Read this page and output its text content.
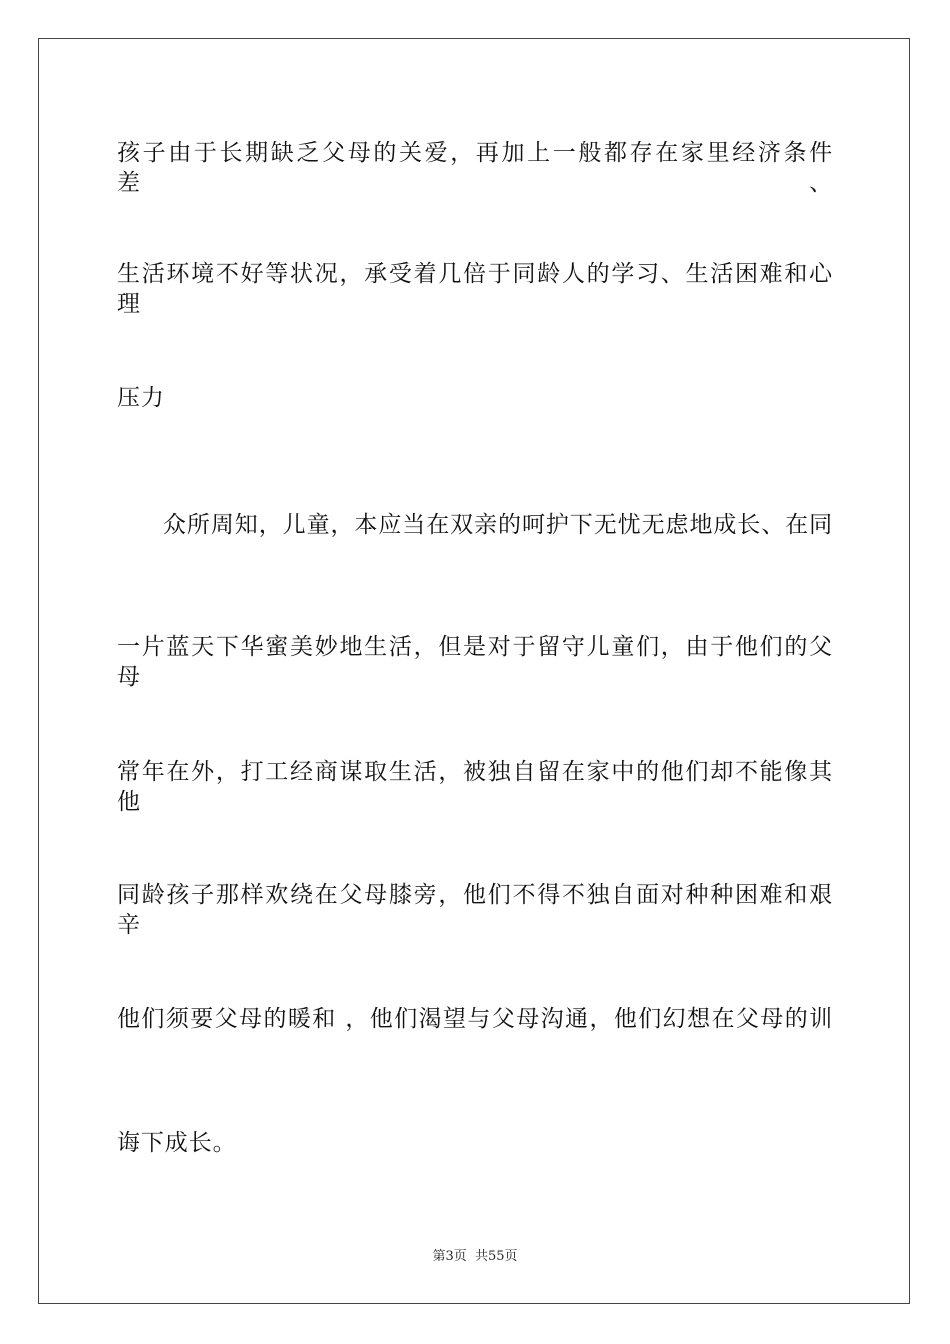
孩子由于长期缺乏父母的关爱，再加上一般都存在家里经济条件差、
生活环境不好等状况，承受着几倍于同龄人的学习、生活困难和心理
压力
众所周知，儿童，本应当在双亲的呵护下无忧无虑地成长、在同
一片蓝天下华蜜美妙地生活，但是对于留守儿童们，由于他们的父母
常年在外，打工经商谋取生活，被独自留在家中的他们却不能像其他
同龄孩子那样欢绕在父母膝旁，他们不得不独自面对种种困难和艰辛
他们须要父母的暖和 ，他们渴望与父母沟通，他们幻想在父母的训
诲下成长。
第3页 共55页
